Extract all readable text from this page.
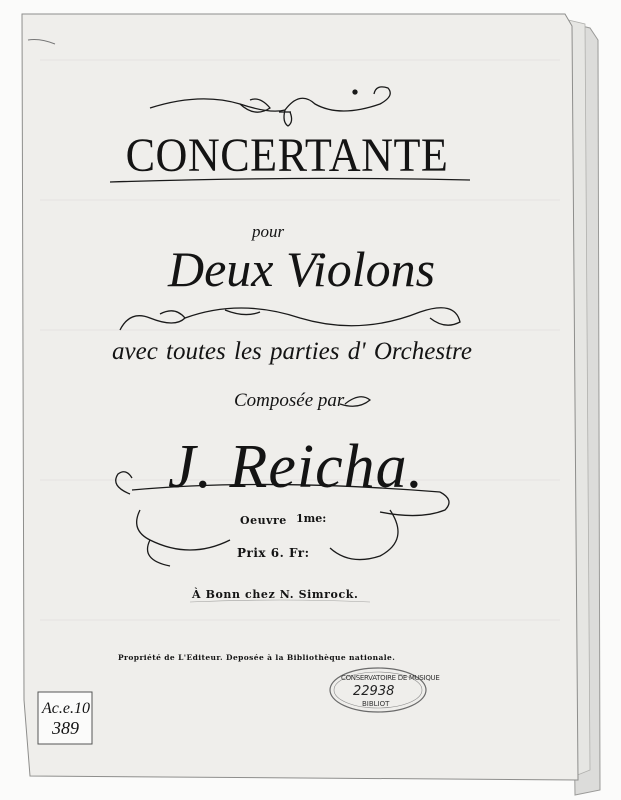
CONCERTANTE
pour
Deux Violons
avec toutes les parties d' Orchestre
Composée par
J. Reicha.
Oeuvre 1me:
Prix 6. Fr:
À Bonn chez N. Simrock.
Propriété de L'Editeur. Deposée à la Bibliothèque nationale.
CONSERVATOIRE DE MUSIQUE
22938
BIBLIOT
Ac.e.10
389
